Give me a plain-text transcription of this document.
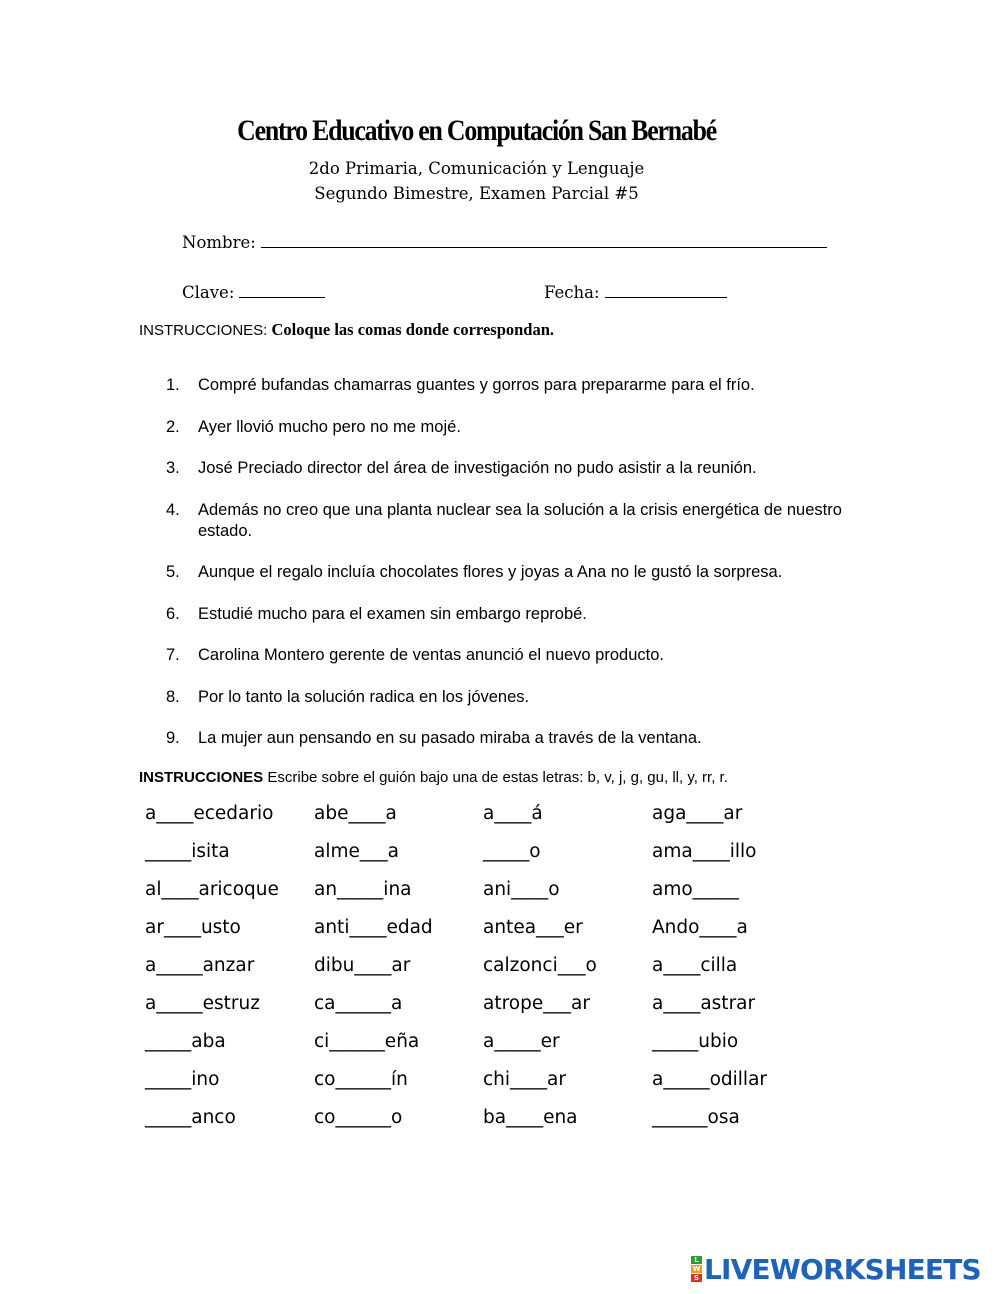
Centro Educativo en Computación San Bernabé
2do Primaria, Comunicación y Lenguaje
Segundo Bimestre, Examen Parcial #5
Nombre:
Clave:	Fecha:
INSTRUCCIONES: Coloque las comas donde correspondan.
1. Compré bufandas chamarras guantes y gorros para prepararme para el frío.
2. Ayer llovió mucho pero no me mojé.
3. José Preciado director del área de investigación no pudo asistir a la reunión.
4. Además no creo que una planta nuclear sea la solución a la crisis energética de nuestro estado.
5. Aunque el regalo incluía chocolates flores y joyas a Ana no le gustó la sorpresa.
6. Estudié mucho para el examen sin embargo reprobé.
7. Carolina Montero gerente de ventas anunció el nuevo producto.
8. Por lo tanto la solución radica en los jóvenes.
9. La mujer aun pensando en su pasado miraba a través de la ventana.
INSTRUCCIONES Escribe sobre el guión bajo una de estas letras: b, v, j, g, gu, ll, y, rr, r.
a____ecedario	abe____a	a____á	aga____ar
_____isita	alme___a	_____o	ama____illo
al____aricoque	an_____ina	ani____o	amo_____
ar____usto	anti____edad	antea___er	Ando____a
a_____anzar	dibu____ar	calzonci___o	a____cilla
a_____estruz	ca______a	atrope___ar	a____astrar
_____aba	ci______eña	a_____er	_____ubio
_____ino	co______ín	chi____ar	a_____odillar
_____anco	co______o	ba____ena	______osa
L
W
S LIVEWORKSHEETS
